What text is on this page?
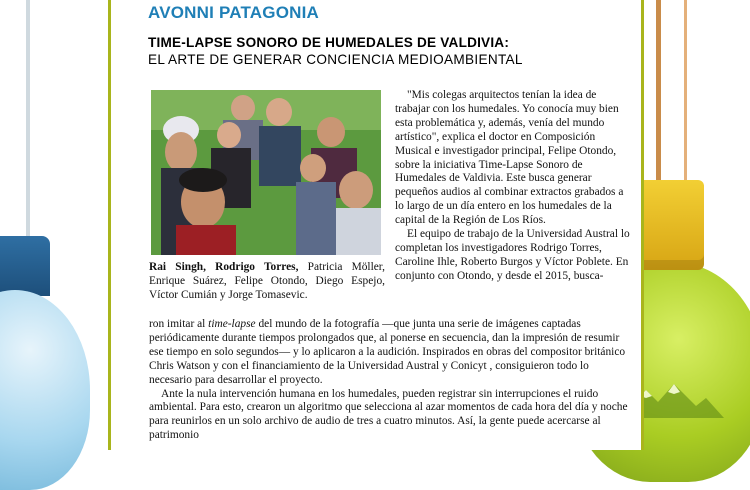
AVONNI PATAGONIA
TIME-LAPSE SONORO DE HUMEDALES DE VALDIVIA:
EL ARTE DE GENERAR CONCIENCIA MEDIOAMBIENTAL
Rai Singh, Rodrigo Torres, Patricia Möller, Enrique Suárez, Felipe Otondo, Diego Espejo, Víctor Cumián y Jorge Tomasevic.

"Mis colegas arquitectos tenían la idea de trabajar con los humedales. Yo conocía muy bien esta problemática y, además, venía del mundo artístico", explica el doctor en Composición Musical e investigador principal, Felipe Otondo, sobre la iniciativa Time-Lapse Sonoro de Humedales de Valdivia. Este busca generar pequeños audios al combinar extractos grabados a lo largo de un día entero en los humedales de la capital de la Región de Los Ríos.

El equipo de trabajo de la Universidad Austral lo completan los investigadores Rodrigo Torres, Caroline Ihle, Roberto Burgos y Víctor Poblete. En conjunto con Otondo, y desde el 2015, busca-

ron imitar al time-lapse del mundo de la fotografía —que junta una serie de imágenes captadas periódicamente durante tiempos prolongados que, al ponerse en secuencia, dan la impresión de resumir ese tiempo en solo segundos— y lo aplicaron a la audición. Inspirados en obras del compositor británico Chris Watson y con el financiamiento de la Universidad Austral y Conicyt , consiguieron todo lo necesario para desarrollar el proyecto.

Ante la nula intervención humana en los humedales, pueden registrar sin interrupciones el ruido ambiental. Para esto, crearon un algoritmo que selecciona al azar momentos de cada hora del día y noche para reunirlos en un solo archivo de audio de tres a cuatro minutos. Así, la gente puede acercarse al patrimonio
